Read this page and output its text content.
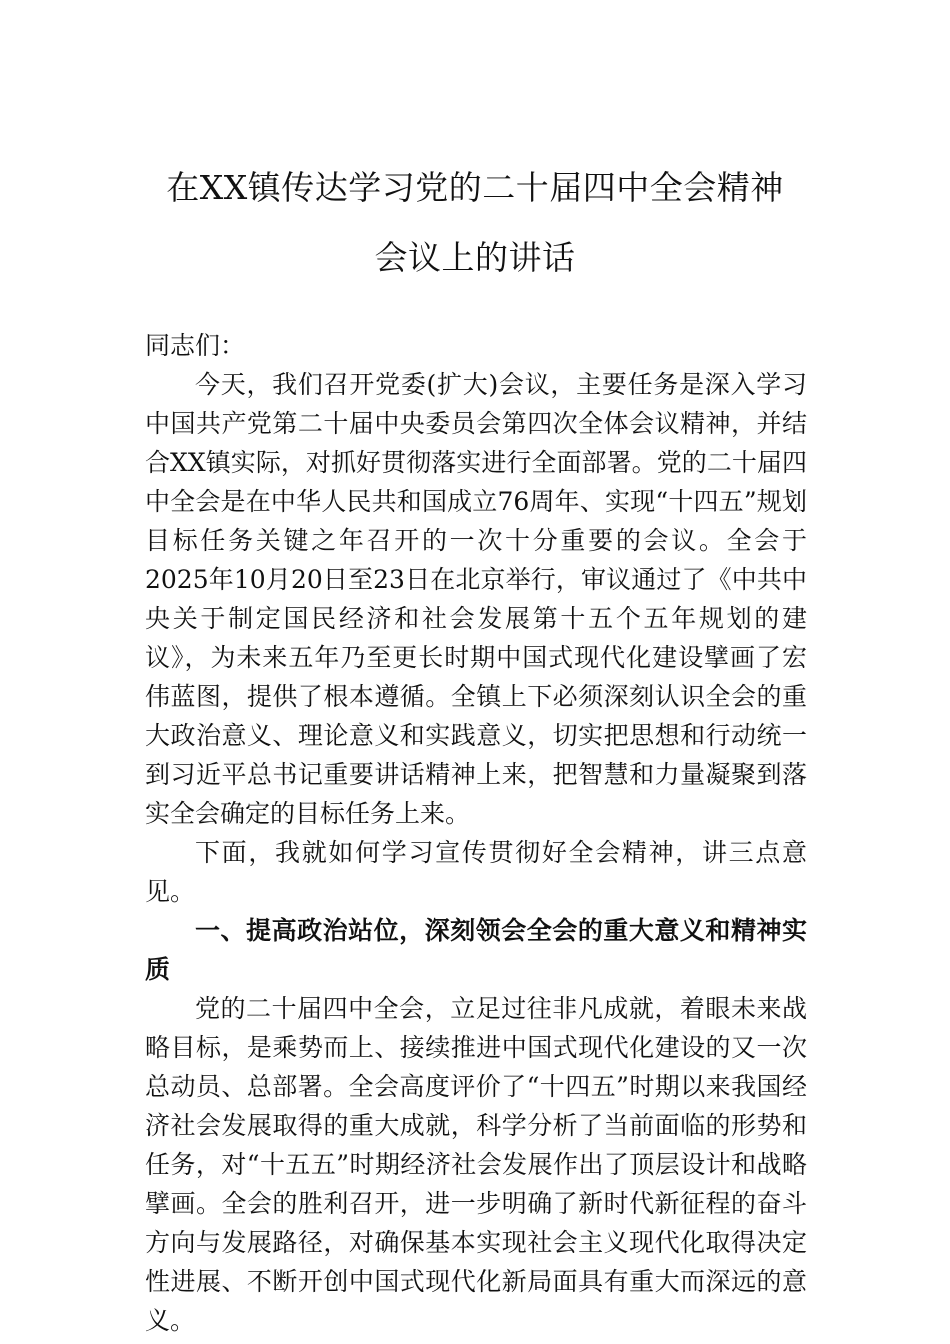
在XX镇传达学习党的二十届四中全会精神
会议上的讲话

同志们：

今天，我们召开党委(扩大)会议，主要任务是深入学习中国共产党第二十届中央委员会第四次全体会议精神，并结合XX镇实际，对抓好贯彻落实进行全面部署。党的二十届四中全会是在中华人民共和国成立76周年、实现“十四五”规划目标任务关键之年召开的一次十分重要的会议。全会于2025年10月20日至23日在北京举行，审议通过了《中共中央关于制定国民经济和社会发展第十五个五年规划的建议》，为未来五年乃至更长时期中国式现代化建设擘画了宏伟蓝图，提供了根本遵循。全镇上下必须深刻认识全会的重大政治意义、理论意义和实践意义，切实把思想和行动统一到习近平总书记重要讲话精神上来，把智慧和力量凝聚到落实全会确定的目标任务上来。

下面，我就如何学习宣传贯彻好全会精神，讲三点意见。

一、提高政治站位，深刻领会全会的重大意义和精神实质

党的二十届四中全会，立足过往非凡成就，着眼未来战略目标，是乘势而上、接续推进中国式现代化建设的又一次总动员、总部署。全会高度评价了“十四五”时期以来我国经济社会发展取得的重大成就，科学分析了当前面临的形势和任务，对“十五五”时期经济社会发展作出了顶层设计和战略擘画。全会的胜利召开，进一步明确了新时代新征程的奋斗方向与发展路径，对确保基本实现社会主义现代化取得决定性进展、不断开创中国式现代化新局面具有重大而深远的意义。
